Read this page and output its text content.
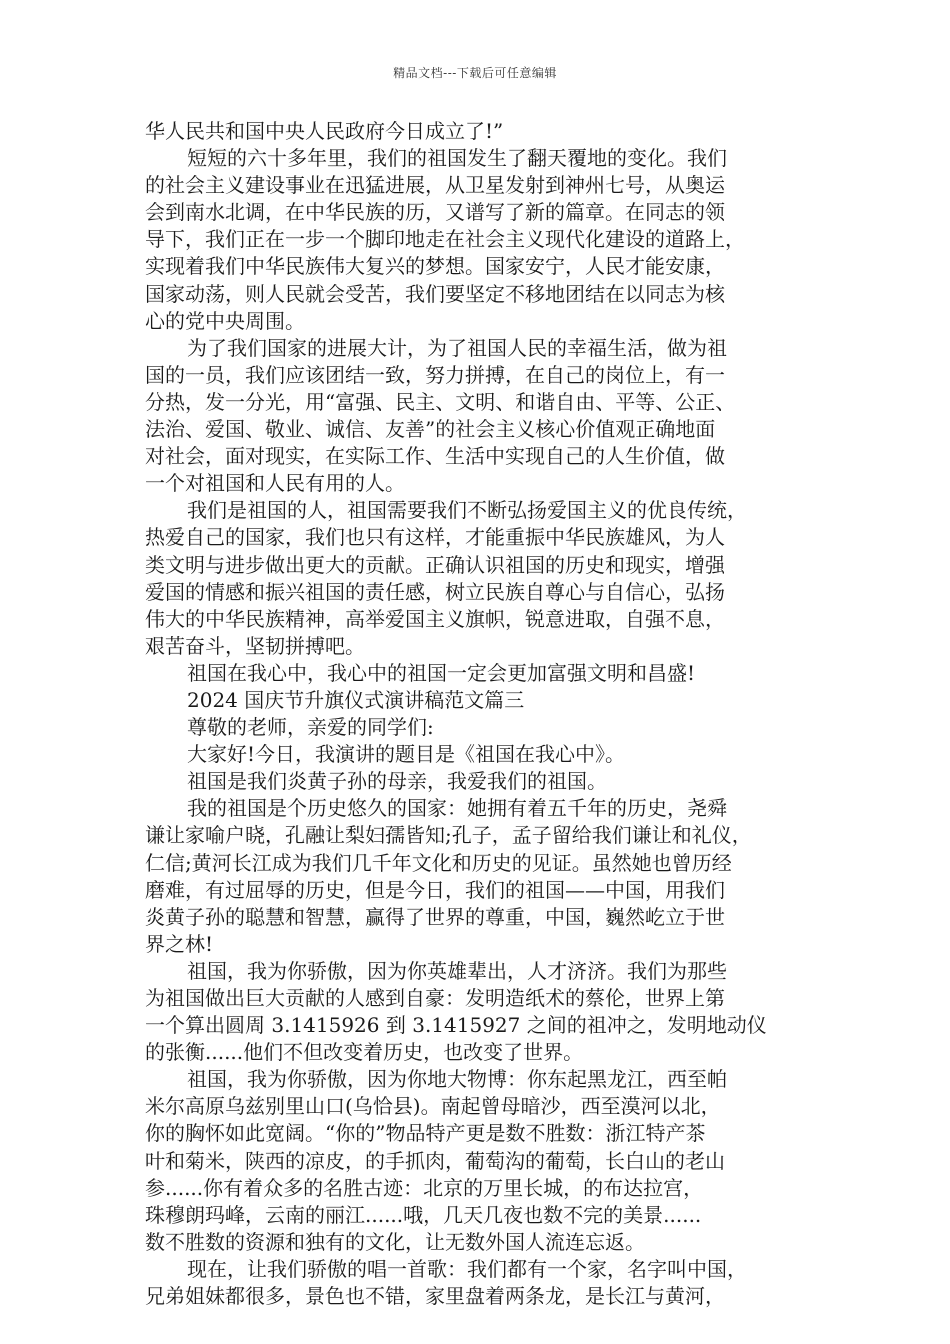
精品文档---下载后可任意编辑
华人民共和国中央人民政府今日成立了!”
短短的六十多年里，我们的祖国发生了翻天覆地的变化。我们
的社会主义建设事业在迅猛进展，从卫星发射到神州七号，从奥运
会到南水北调，在中华民族的历，又谱写了新的篇章。在同志的领
导下，我们正在一步一个脚印地走在社会主义现代化建设的道路上，
实现着我们中华民族伟大复兴的梦想。国家安宁，人民才能安康，
国家动荡，则人民就会受苦，我们要坚定不移地团结在以同志为核
心的党中央周围。
为了我们国家的进展大计，为了祖国人民的幸福生活，做为祖
国的一员，我们应该团结一致，努力拼搏，在自己的岗位上，有一
分热，发一分光，用“富强、民主、文明、和谐自由、平等、公正、
法治、爱国、敬业、诚信、友善”的社会主义核心价值观正确地面
对社会，面对现实，在实际工作、生活中实现自己的人生价值，做
一个对祖国和人民有用的人。
我们是祖国的人，祖国需要我们不断弘扬爱国主义的优良传统，
热爱自己的国家，我们也只有这样，才能重振中华民族雄风，为人
类文明与进步做出更大的贡献。正确认识祖国的历史和现实，增强
爱国的情感和振兴祖国的责任感，树立民族自尊心与自信心，弘扬
伟大的中华民族精神，高举爱国主义旗帜，锐意进取，自强不息，
艰苦奋斗，坚韧拼搏吧。
祖国在我心中，我心中的祖国一定会更加富强文明和昌盛!
2024 国庆节升旗仪式演讲稿范文篇三
尊敬的老师，亲爱的同学们:
大家好!今日，我演讲的题目是《祖国在我心中》。
祖国是我们炎黄子孙的母亲，我爱我们的祖国。
我的祖国是个历史悠久的国家：她拥有着五千年的历史，尧舜
谦让家喻户晓，孔融让梨妇孺皆知;孔子，孟子留给我们谦让和礼仪，
仁信;黄河长江成为我们几千年文化和历史的见证。虽然她也曾历经
磨难，有过屈辱的历史，但是今日，我们的祖国——中国，用我们
炎黄子孙的聪慧和智慧，赢得了世界的尊重，中国，巍然屹立于世
界之林!
祖国，我为你骄傲，因为你英雄辈出，人才济济。我们为那些
为祖国做出巨大贡献的人感到自豪：发明造纸术的蔡伦，世界上第
一个算出圆周 3.1415926 到 3.1415927 之间的祖冲之，发明地动仪
的张衡......他们不但改变着历史，也改变了世界。
祖国，我为你骄傲，因为你地大物博：你东起黑龙江，西至帕
米尔高原乌兹别里山口(乌恰县)。南起曾母暗沙，西至漠河以北，
你的胸怀如此宽阔。“你的”物品特产更是数不胜数：浙江特产茶
叶和菊米，陕西的凉皮，的手抓肉，葡萄沟的葡萄，长白山的老山
参......你有着众多的名胜古迹：北京的万里长城，的布达拉宫，
珠穆朗玛峰，云南的丽江......哦，几天几夜也数不完的美景......
数不胜数的资源和独有的文化，让无数外国人流连忘返。
现在，让我们骄傲的唱一首歌：我们都有一个家，名字叫中国，
兄弟姐妹都很多，景色也不错，家里盘着两条龙，是长江与黄河，
